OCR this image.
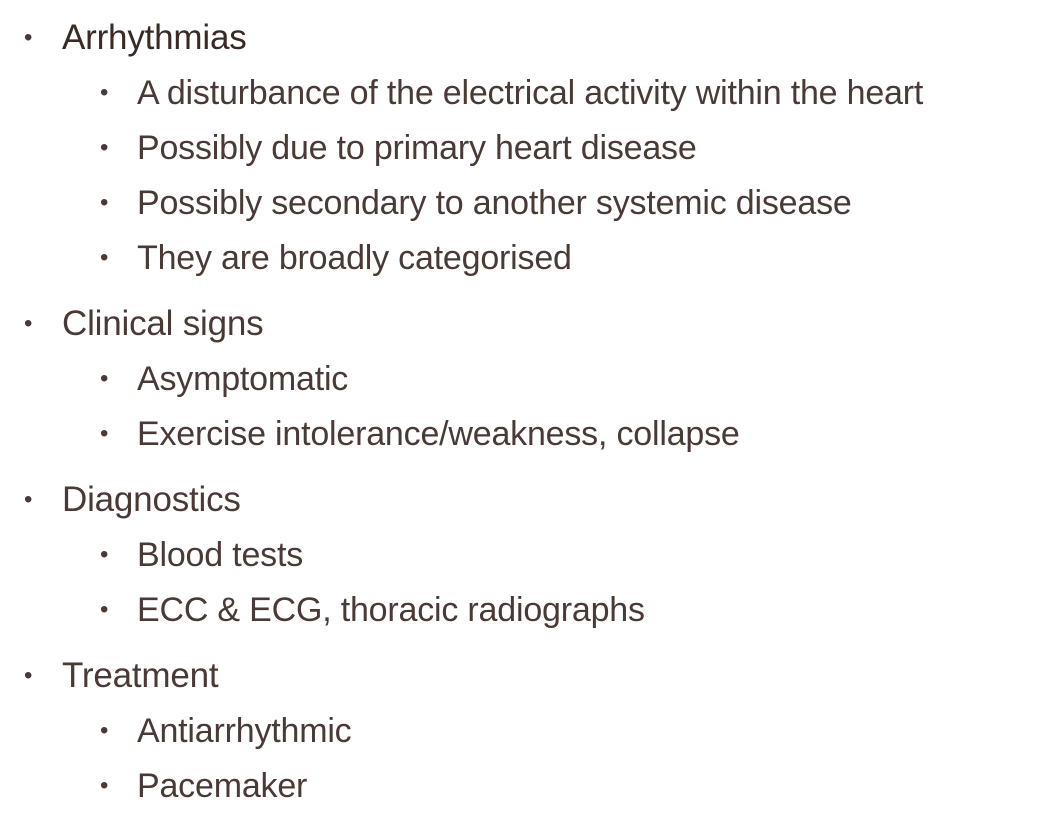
• Arrhythmias
• A disturbance of the electrical activity within the heart
• Possibly due to primary heart disease
• Possibly secondary to another systemic disease
• They are broadly categorised
• Clinical signs
• Asymptomatic
• Exercise intolerance/weakness, collapse
• Diagnostics
• Blood tests
• ECC & ECG, thoracic radiographs
• Treatment
• Antiarrhythmic
• Pacemaker
